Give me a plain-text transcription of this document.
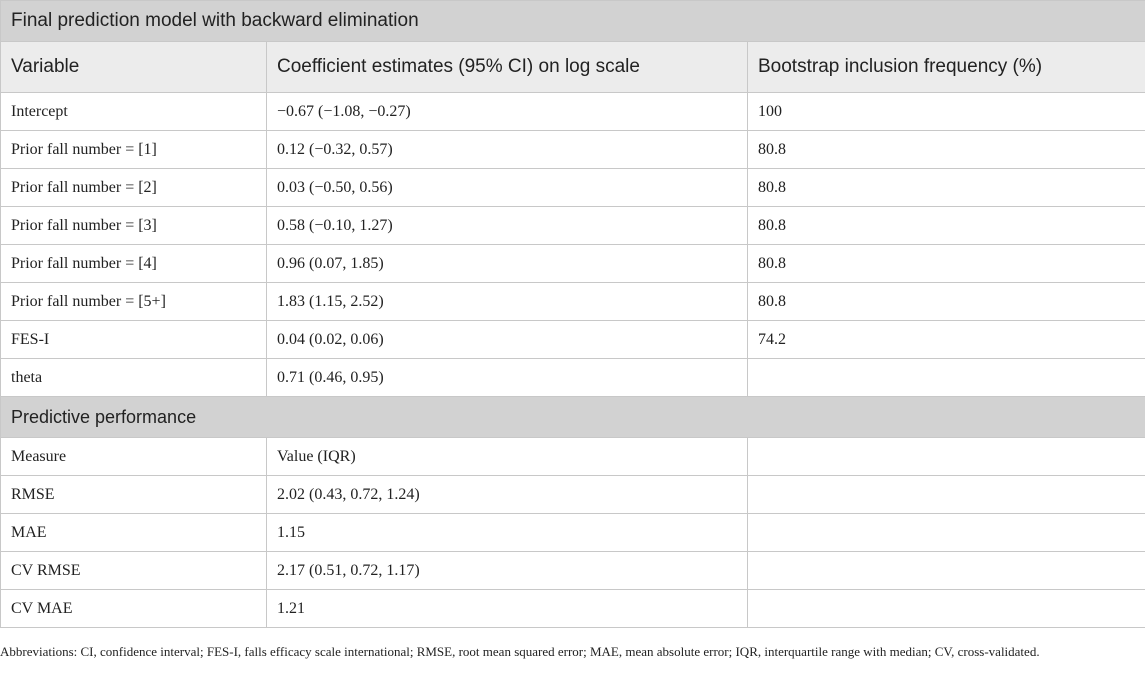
Final prediction model with backward elimination		
Variable	Coefficient estimates (95% CI) on log scale	Bootstrap inclusion frequency (%)
Intercept	−0.67 (−1.08, −0.27)	100
Prior fall number = [1]	0.12 (−0.32, 0.57)	80.8
Prior fall number = [2]	0.03 (−0.50, 0.56)	80.8
Prior fall number = [3]	0.58 (−0.10, 1.27)	80.8
Prior fall number = [4]	0.96 (0.07, 1.85)	80.8
Prior fall number = [5+]	1.83 (1.15, 2.52)	80.8
FES-I	0.04 (0.02, 0.06)	74.2
theta	0.71 (0.46, 0.95)	
Predictive performance		
Measure	Value (IQR)	
RMSE	2.02 (0.43, 0.72, 1.24)	
MAE	1.15	
CV RMSE	2.17 (0.51, 0.72, 1.17)	
CV MAE	1.21	
Abbreviations: CI, confidence interval; FES-I, falls efficacy scale international; RMSE, root mean squared error; MAE, mean absolute error; IQR, interquartile range with median; CV, cross-validated.
